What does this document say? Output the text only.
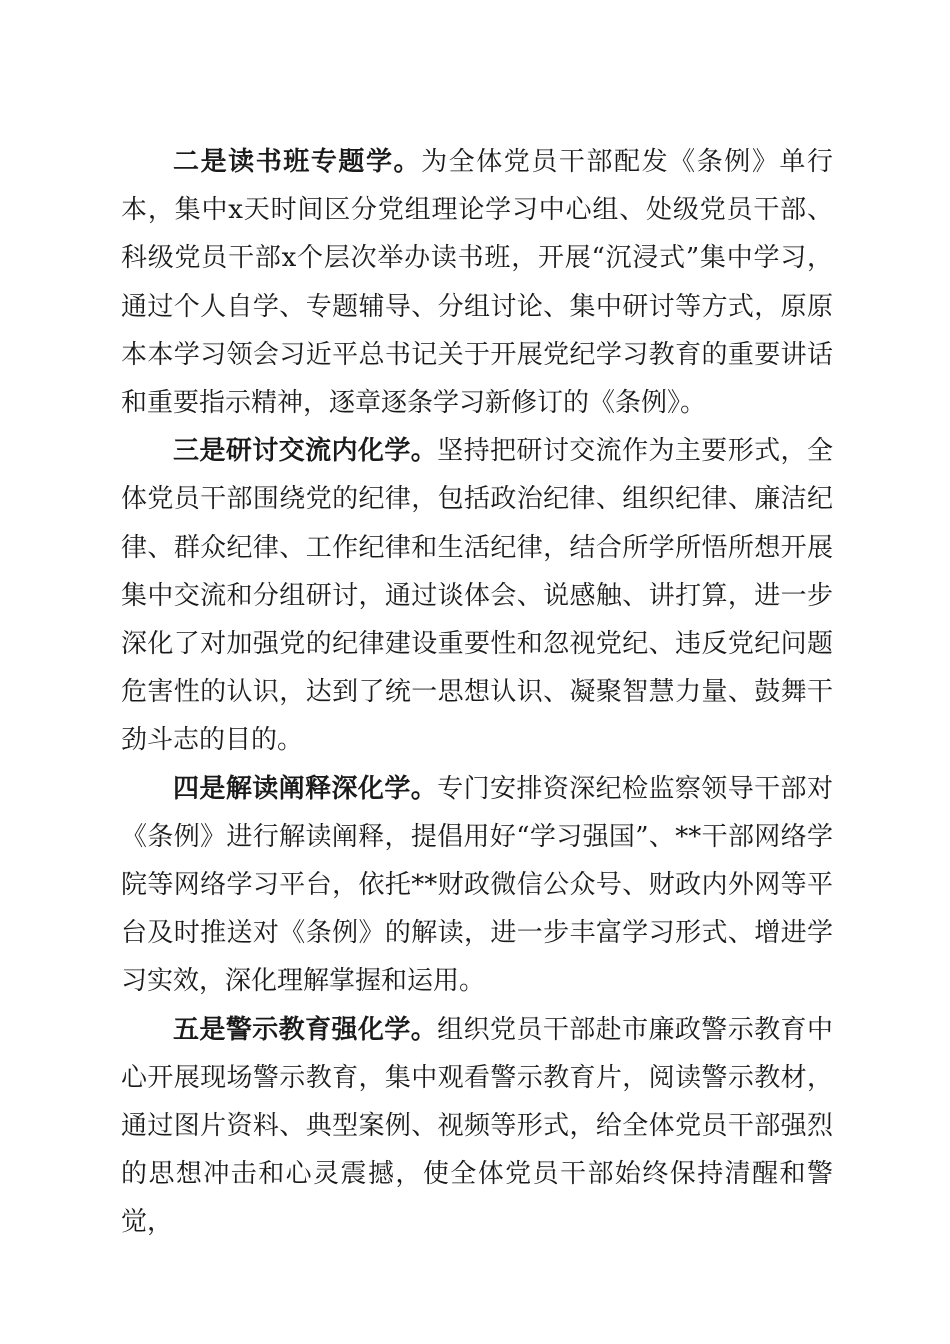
二是读书班专题学。为全体党员干部配发《条例》单行本，集中x天时间区分党组理论学习中心组、处级党员干部、科级党员干部x个层次举办读书班，开展“沉浸式”集中学习，通过个人自学、专题辅导、分组讨论、集中研讨等方式，原原本本学习领会习近平总书记关于开展党纪学习教育的重要讲话和重要指示精神，逐章逐条学习新修订的《条例》。

三是研讨交流内化学。坚持把研讨交流作为主要形式，全体党员干部围绕党的纪律，包括政治纪律、组织纪律、廉洁纪律、群众纪律、工作纪律和生活纪律，结合所学所悟所想开展集中交流和分组研讨，通过谈体会、说感触、讲打算，进一步深化了对加强党的纪律建设重要性和忽视党纪、违反党纪问题危害性的认识，达到了统一思想认识、凝聚智慧力量、鼓舞干劲斗志的目的。

四是解读阐释深化学。专门安排资深纪检监察领导干部对《条例》进行解读阐释，提倡用好“学习强国”、**干部网络学院等网络学习平台，依托**财政微信公众号、财政内外网等平台及时推送对《条例》的解读，进一步丰富学习形式、增进学习实效，深化理解掌握和运用。

五是警示教育强化学。组织党员干部赴市廉政警示教育中心开展现场警示教育，集中观看警示教育片，阅读警示教材，通过图片资料、典型案例、视频等形式，给全体党员干部强烈的思想冲击和心灵震撼，使全体党员干部始终保持清醒和警觉，
